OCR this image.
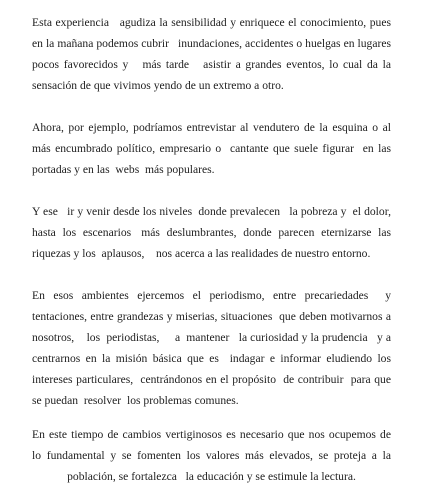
Esta experiencia   agudiza la sensibilidad y enriquece el conocimiento, pues
en la mañana podemos cubrir   inundaciones, accidentes o huelgas en lugares
pocos favorecidos y   más tarde   asistir a grandes eventos, lo cual da la
sensación de que vivimos yendo de un extremo a otro.
Ahora, por ejemplo, podríamos entrevistar al vendutero de la esquina o al
más encumbrado político, empresario o  cantante que suele figurar  en las
portadas y en las  webs  más populares.
Y ese   ir y venir desde los niveles  donde prevalecen   la pobreza y  el dolor,
hasta  los  escenarios   más  deslumbrantes,  donde  parecen  eternizarse  las
riquezas y los  aplausos,    nos acerca a las realidades de nuestro entorno.
En  esos  ambientes  ejercemos  el  periodismo,  entre  precariedades    y
tentaciones, entre grandezas y miserias, situaciones  que deben motivarnos a
nosotros,    los  periodistas,     a  mantener   la curiosidad y la prudencia   y a
centrarnos en la misión básica que es  indagar e informar eludiendo los
intereses particulares,  centrándonos en el propósito  de contribuir  para que
se puedan  resolver  los problemas comunes.
En este tiempo de cambios vertiginosos es necesario que nos ocupemos de
lo fundamental y se fomenten los valores más elevados, se proteja a la
población, se fortalezca   la educación y se estimule la lectura.
